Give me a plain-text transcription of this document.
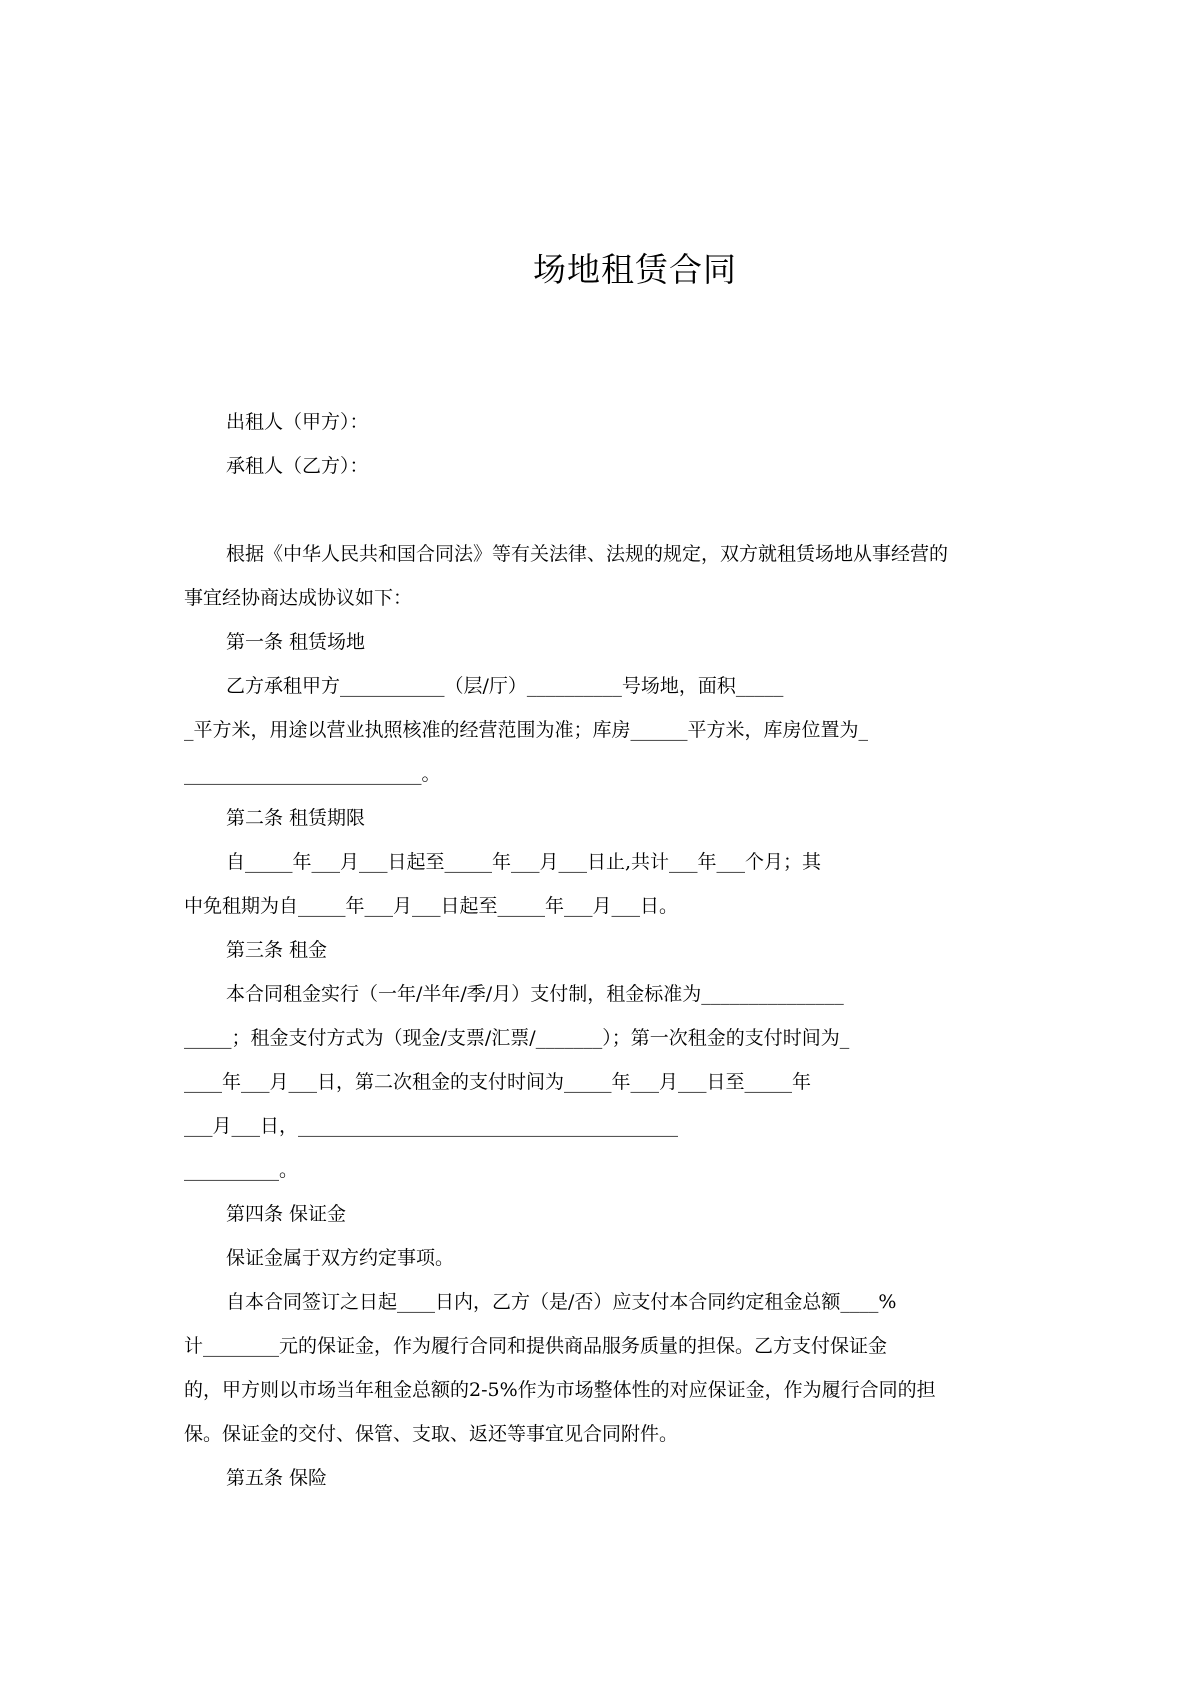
场地租赁合同
出租人（甲方）：
承租人（乙方）：
根据《中华人民共和国合同法》等有关法律、法规的规定，双方就租赁场地从事经营的
事宜经协商达成协议如下：
第一条 租赁场地
乙方承租甲方___________（层/厅）__________号场地，面积_____
_平方米，用途以营业执照核准的经营范围为准；库房______平方米，库房位置为_
_________________________。
第二条 租赁期限
自_____年___月___日起至_____年___月___日止,共计___年___个月；其
中免租期为自_____年___月___日起至_____年___月___日。
第三条 租金
本合同租金实行（一年/半年/季/月）支付制，租金标准为_______________
_____；租金支付方式为（现金/支票/汇票/_______）；第一次租金的支付时间为_
____年___月___日，第二次租金的支付时间为_____年___月___日至_____年
___月___日，________________________________________
__________。
第四条 保证金
保证金属于双方约定事项。
自本合同签订之日起____日内，乙方（是/否）应支付本合同约定租金总额____%
计________元的保证金，作为履行合同和提供商品服务质量的担保。乙方支付保证金
的，甲方则以市场当年租金总额的2-5%作为市场整体性的对应保证金，作为履行合同的担
保。保证金的交付、保管、支取、返还等事宜见合同附件。
第五条 保险
